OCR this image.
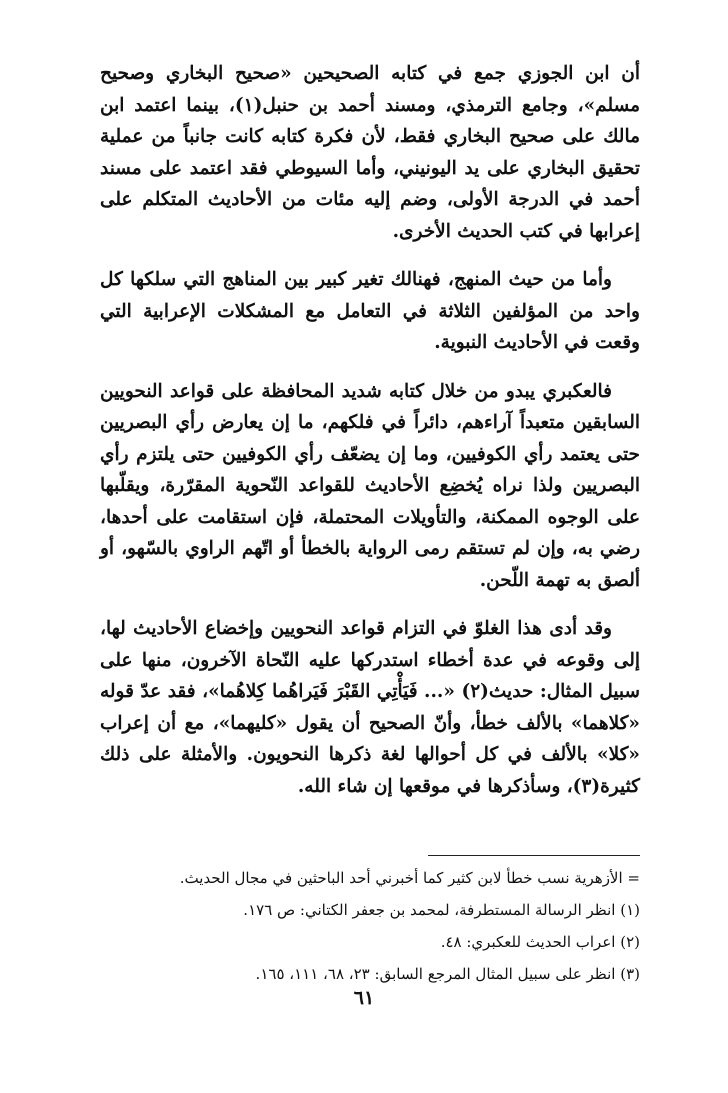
أن ابن الجوزي جمع في كتابه الصحيحين «صحيح البخاري وصحيح مسلم»، وجامع الترمذي، ومسند أحمد بن حنبل(١)، بينما اعتمد ابن مالك على صحيح البخاري فقط، لأن فكرة كتابه كانت جانباً من عملية تحقيق البخاري على يد اليونيني، وأما السيوطي فقد اعتمد على مسند أحمد في الدرجة الأولى، وضم إليه مئات من الأحاديث المتكلم على إعرابها في كتب الحديث الأخرى.

وأما من حيث المنهج، فهنالك تغير كبير بين المناهج التي سلكها كل واحد من المؤلفين الثلاثة في التعامل مع المشكلات الإعرابية التي وقعت في الأحاديث النبوية.

فالعكبري يبدو من خلال كتابه شديد المحافظة على قواعد النحويين السابقين متعبداً آراءهم، دائراً في فلكهم، ما إن يعارض رأي البصريين حتى يعتمد رأي الكوفيين، وما إن يضعّف رأي الكوفيين حتى يلتزم رأي البصريين ولذا نراه يُخضِع الأحاديث للقواعد النّحوية المقرّرة، ويقلّبها على الوجوه الممكنة، والتأويلات المحتملة، فإن استقامت على أحدها، رضي به، وإن لم تستقم رمى الرواية بالخطأ أو اتّهم الراوي بالسّهو، أو ألصق به تهمة اللّحن.

وقد أدى هذا الغلوّ في التزام قواعد النحويين وإخضاع الأحاديث لها، إلى وقوعه في عدة أخطاء استدركها عليه النّحاة الآخرون، منها على سبيل المثال: حديث(٢) «... فَيَأْتِي القَبْرَ فَيَراهُما كِلاهُما»، فقد عدّ قوله «كلاهما» بالألف خطأ، وأنّ الصحيح أن يقول «كليهما»، مع أن إعراب «كلا» بالألف في كل أحوالها لغة ذكرها النحويون. والأمثلة على ذلك كثيرة(٣)، وسأذكرها في موقعها إن شاء الله.

= الأزهرية نسب خطأ لابن كثير كما أخبرني أحد الباحثين في مجال الحديث.
(١) انظر الرسالة المستطرفة، لمحمد بن جعفر الكتاني: ص ١٧٦.
(٢) اعراب الحديث للعكبري: ٤٨.
(٣) انظر على سبيل المثال المرجع السابق: ٢٣، ٦٨، ١١١، ١٦٥.
٦١
